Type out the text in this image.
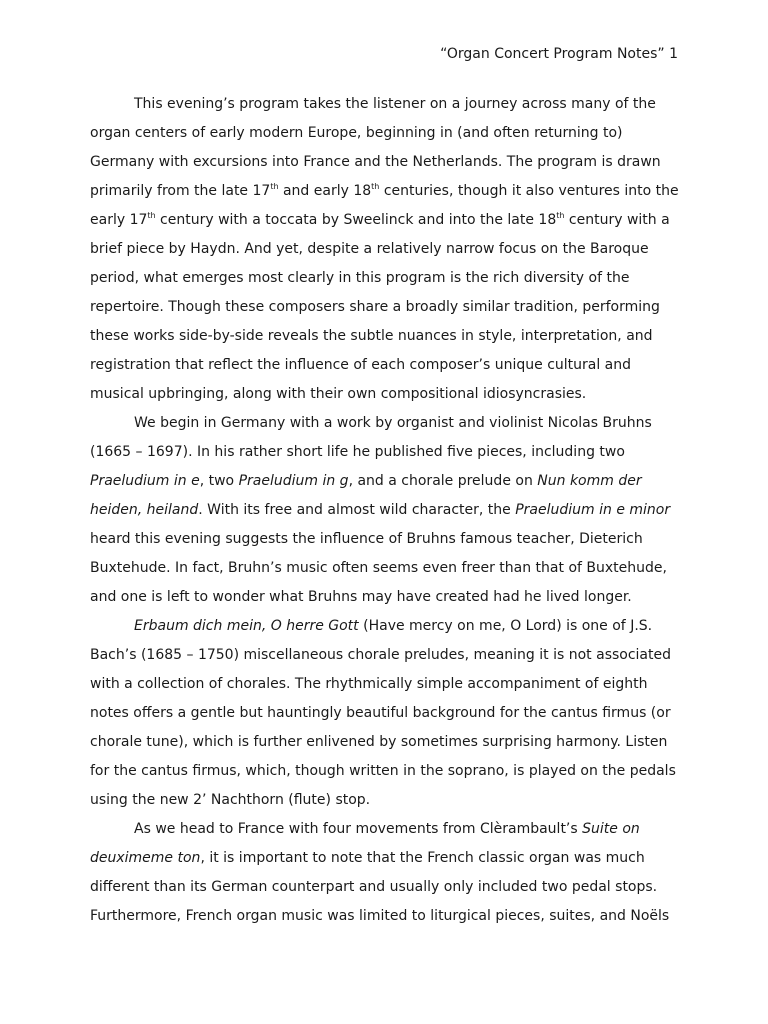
“Organ Concert Program Notes” 1
This evening’s program takes the listener on a journey across many of the
organ centers of early modern Europe, beginning in (and often returning to)
Germany with excursions into France and the Netherlands. The program is drawn
primarily from the late 17th and early 18th centuries, though it also ventures into the
early 17th century with a toccata by Sweelinck and into the late 18th century with a
brief piece by Haydn. And yet, despite a relatively narrow focus on the Baroque
period, what emerges most clearly in this program is the rich diversity of the
repertoire. Though these composers share a broadly similar tradition, performing
these works side-by-side reveals the subtle nuances in style, interpretation, and
registration that reflect the influence of each composer’s unique cultural and
musical upbringing, along with their own compositional idiosyncrasies.
We begin in Germany with a work by organist and violinist Nicolas Bruhns
(1665 – 1697). In his rather short life he published five pieces, including two
Praeludium in e, two Praeludium in g, and a chorale prelude on Nun komm der
heiden, heiland. With its free and almost wild character, the Praeludium in e minor
heard this evening suggests the influence of Bruhns famous teacher, Dieterich
Buxtehude. In fact, Bruhn’s music often seems even freer than that of Buxtehude,
and one is left to wonder what Bruhns may have created had he lived longer.
Erbaum dich mein, O herre Gott (Have mercy on me, O Lord) is one of J.S.
Bach’s (1685 – 1750) miscellaneous chorale preludes, meaning it is not associated
with a collection of chorales. The rhythmically simple accompaniment of eighth
notes offers a gentle but hauntingly beautiful background for the cantus firmus (or
chorale tune), which is further enlivened by sometimes surprising harmony. Listen
for the cantus firmus, which, though written in the soprano, is played on the pedals
using the new 2’ Nachthorn (flute) stop.
As we head to France with four movements from Clèrambault’s Suite on
deuximeme ton, it is important to note that the French classic organ was much
different than its German counterpart and usually only included two pedal stops.
Furthermore, French organ music was limited to liturgical pieces, suites, and Noëls
